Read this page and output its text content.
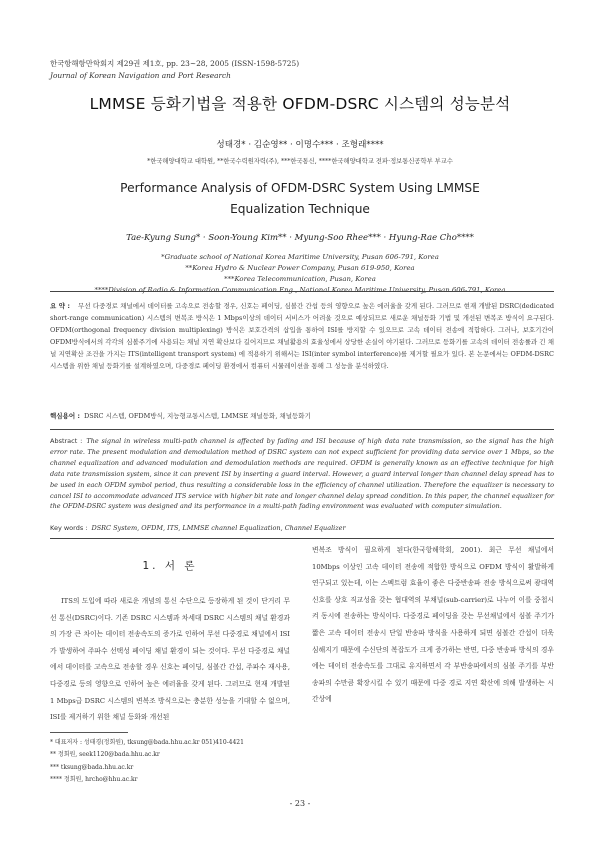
한국항해항만학회지 제29권 제1호, pp. 23~28, 2005 (ISSN-1598-5725)
Journal of Korean Navigation and Port Research
LMMSE 등화기법을 적용한 OFDM-DSRC 시스템의 성능분석
성태경* · 김순영** · 이명수*** · 조형래****
*한국해양대학교 대학원, **한국수력원자력(주), ***한국통신, ****한국해양대학교 전파·정보통신공학부 부교수
Performance Analysis of OFDM-DSRC System Using LMMSE
Equalization Technique
Tae-Kyung Sung* · Soon-Young Kim** · Myung-Soo Rhee*** · Hyung-Rae Cho****
*Graduate school of National Korea Maritime University, Pusan 606-791, Korea
**Korea Hydro & Nuclear Power Company, Pusan 619-950, Korea
***Korea Telecommunication, Pusan, Korea
****Division of Radio & Information Communication Eng., National Korea Maritime University, Pusan 606-791, Korea
요 약 : 무선 다중경로 채널에서 데이터를 고속으로 전송할 경우, 신호는 페이딩, 심볼간 간섭 등의 영향으로 높은 에러율을 갖게 된다. 그러므로 현재 개발된 DSRC(dedicated short-range communication) 시스템의 변복조 방식은 1 Mbps이상의 데이터 서비스가 어려울 것으로 예상되므로 새로운 채널등화 기법 및 개선된 변복조 방식이 요구된다. OFDM(orthogonal frequency division multiplexing) 방식은 보호간격의 삽입을 통하여 ISI를 방지할 수 있으므로 고속 데이터 전송에 적합하다. 그러나, 보호기간이 OFDM방식에서의 각각의 심볼주기에 사용되는 채널 지연 확산보다 길어지므로 채널활용의 효율성에서 상당한 손실이 야기된다. 그러므로 등화기를 고속의 데이터 전송률과 긴 채널 지연확산 조건을 가지는 ITS(intelligent transport system) 에 적용하기 위해서는 ISI(inter symbol interference)를 제거할 필요가 있다. 본 논문에서는 OFDM-DSRC 시스템을 위한 채널 등화기를 설계하였으며, 다중경로 페이딩 환경에서 컴퓨터 시뮬레이션을 통해 그 성능을 분석하였다.
핵심용어 : DSRC 시스템, OFDM방식, 지능형교통시스템, LMMSE 채널등화, 채널등화기
Abstract : The signal in wireless multi-path channel is affected by fading and ISI because of high data rate transmission, so the signal has the high error rate. The present modulation and demodulation method of DSRC system can not expect sufficient for providing data service over 1 Mbps, so the channel equalization and advanced modulation and demodulation methods are required. OFDM is generally known as an effective technique for high data rate transmission system, since it can prevent ISI by inserting a guard interval. However, a guard interval longer than channel delay spread has to be used in each OFDM symbol period, thus resulting a considerable loss in the efficiency of channel utilization. Therefore the equalizer is necessary to cancel ISI to accommodate advanced ITS service with higher bit rate and longer channel delay spread condition. In this paper, the channel equalizer for the OFDM-DSRC system was designed and its performance in a multi-path fading environment was evaluated with computer simulation.
Key words : DSRC System, OFDM, ITS, LMMSE channel Equalization, Channel Equalizer
1. 서 론
ITS의 도입에 따라 새로운 개념의 통신 수단으로 등장하게 된 것이 단거리 무선 통신(DSRC)이다. 기존 DSRC 시스템과 차세대 DSRC 시스템의 채널 환경과의 가장 큰 차이는 데이터 전송속도의 증가로 인하여 무선 다중경로 채널에서 ISI가 발생하여 주파수 선택성 페이딩 채널 환경이 되는 것이다. 무선 다중경로 채널에서 데이터를 고속으로 전송할 경우 신호는 페이딩, 심볼간 간섭, 주파수 재사용, 다중경로 등의 영향으로 인하여 높은 에러율을 갖게 된다. 그러므로 현재 개발된 1 Mbps급 DSRC 시스템의 변복조 방식으로는 충분한 성능을 기대할 수 없으며, ISI를 제거하기 위한 채널 등화와 개선된
변복조 방식이 필요하게 된다(한국항해학회, 2001). 최근 무선 채널에서 10Mbps 이상인 고속 데이터 전송에 적합한 방식으로 OFDM 방식이 활발하게 연구되고 있는데, 이는 스펙트럼 효율이 좋은 다중반송파 전송 방식으로써 광대역 신호를 상호 직교성을 갖는 협대역의 부채널(sub-carrier)로 나누어 이를 중첩시켜 동시에 전송하는 방식이다. 다중경로 페이딩을 갖는 무선채널에서 심볼 주기가 짧은 고속 데이터 전송시 단일 반송파 방식을 사용하게 되면 심볼간 간섭이 더욱 심해지기 때문에 수신단의 복잡도가 크게 증가하는 반면, 다중 반송파 방식의 경우에는 데이터 전송속도를 그대로 유지하면서 각 부반송파에서의 심볼 주기를 부반송파의 수만큼 확장시킬 수 있기 때문에 다중 경로 지연 확산에 의해 발생하는 시간상에
* 대표저자 : 성태경(정회원), tksung@bada.hhu.ac.kr 051)410-4421
** 정회원, seek1120@bada.hhu.ac.kr
*** tksung@bada.hhu.ac.kr
**** 정회원, hrcho@hhu.ac.kr
- 23 -
